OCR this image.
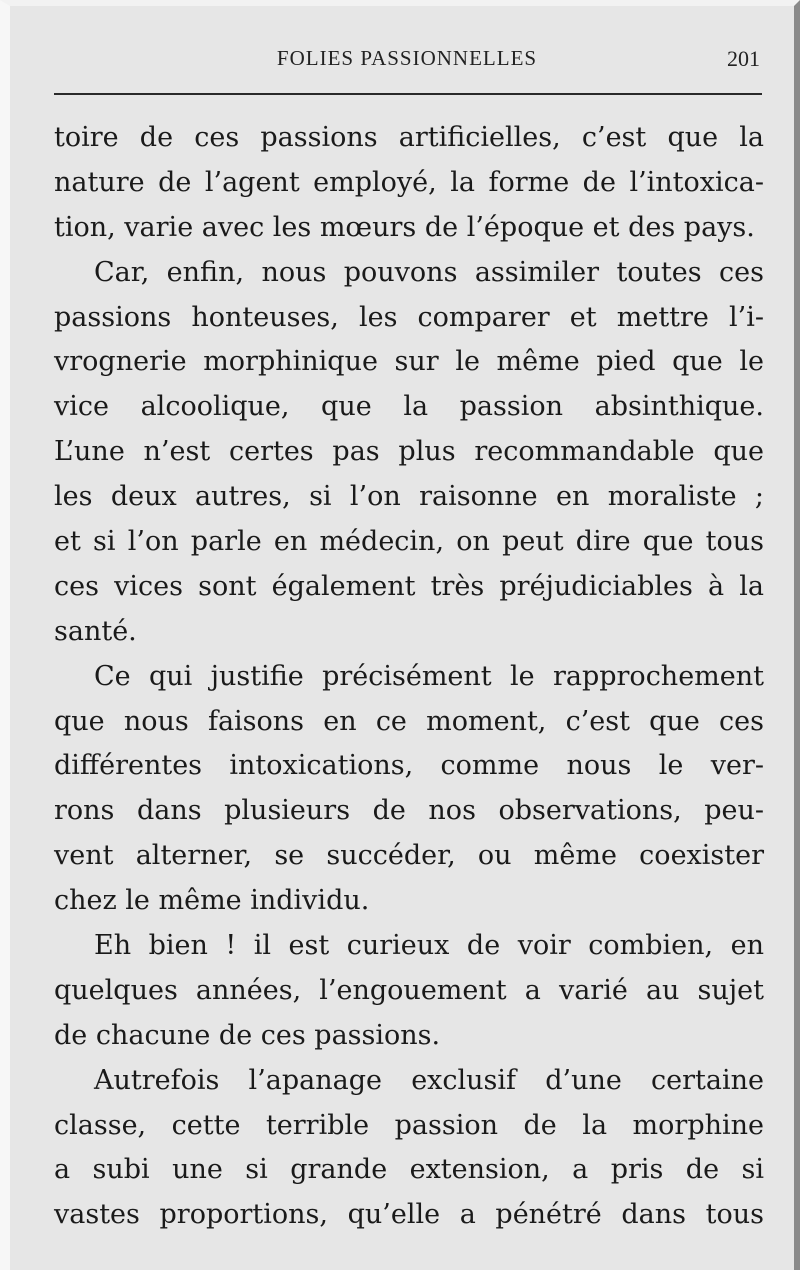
FOLIES PASSIONNELLES	201
toire de ces passions artificielles, c’est que la
nature de l’agent employé, la forme de l’intoxica-
tion, varie avec les mœurs de l’époque et des pays.
Car, enfin, nous pouvons assimiler toutes ces
passions honteuses, les comparer et mettre l’i-
vrognerie morphinique sur le même pied que le
vice alcoolique, que la passion absinthique.
L’une n’est certes pas plus recommandable que
les deux autres, si l’on raisonne en moraliste ;
et si l’on parle en médecin, on peut dire que tous
ces vices sont également très préjudiciables à la
santé.
Ce qui justifie précisément le rapprochement
que nous faisons en ce moment, c’est que ces
différentes intoxications, comme nous le ver-
rons dans plusieurs de nos observations, peu-
vent alterner, se succéder, ou même coexister
chez le même individu.
Eh bien ! il est curieux de voir combien, en
quelques années, l’engouement a varié au sujet
de chacune de ces passions.
Autrefois l’apanage exclusif d’une certaine
classe, cette terrible passion de la morphine
a subi une si grande extension, a pris de si
vastes proportions, qu’elle a pénétré dans tous
